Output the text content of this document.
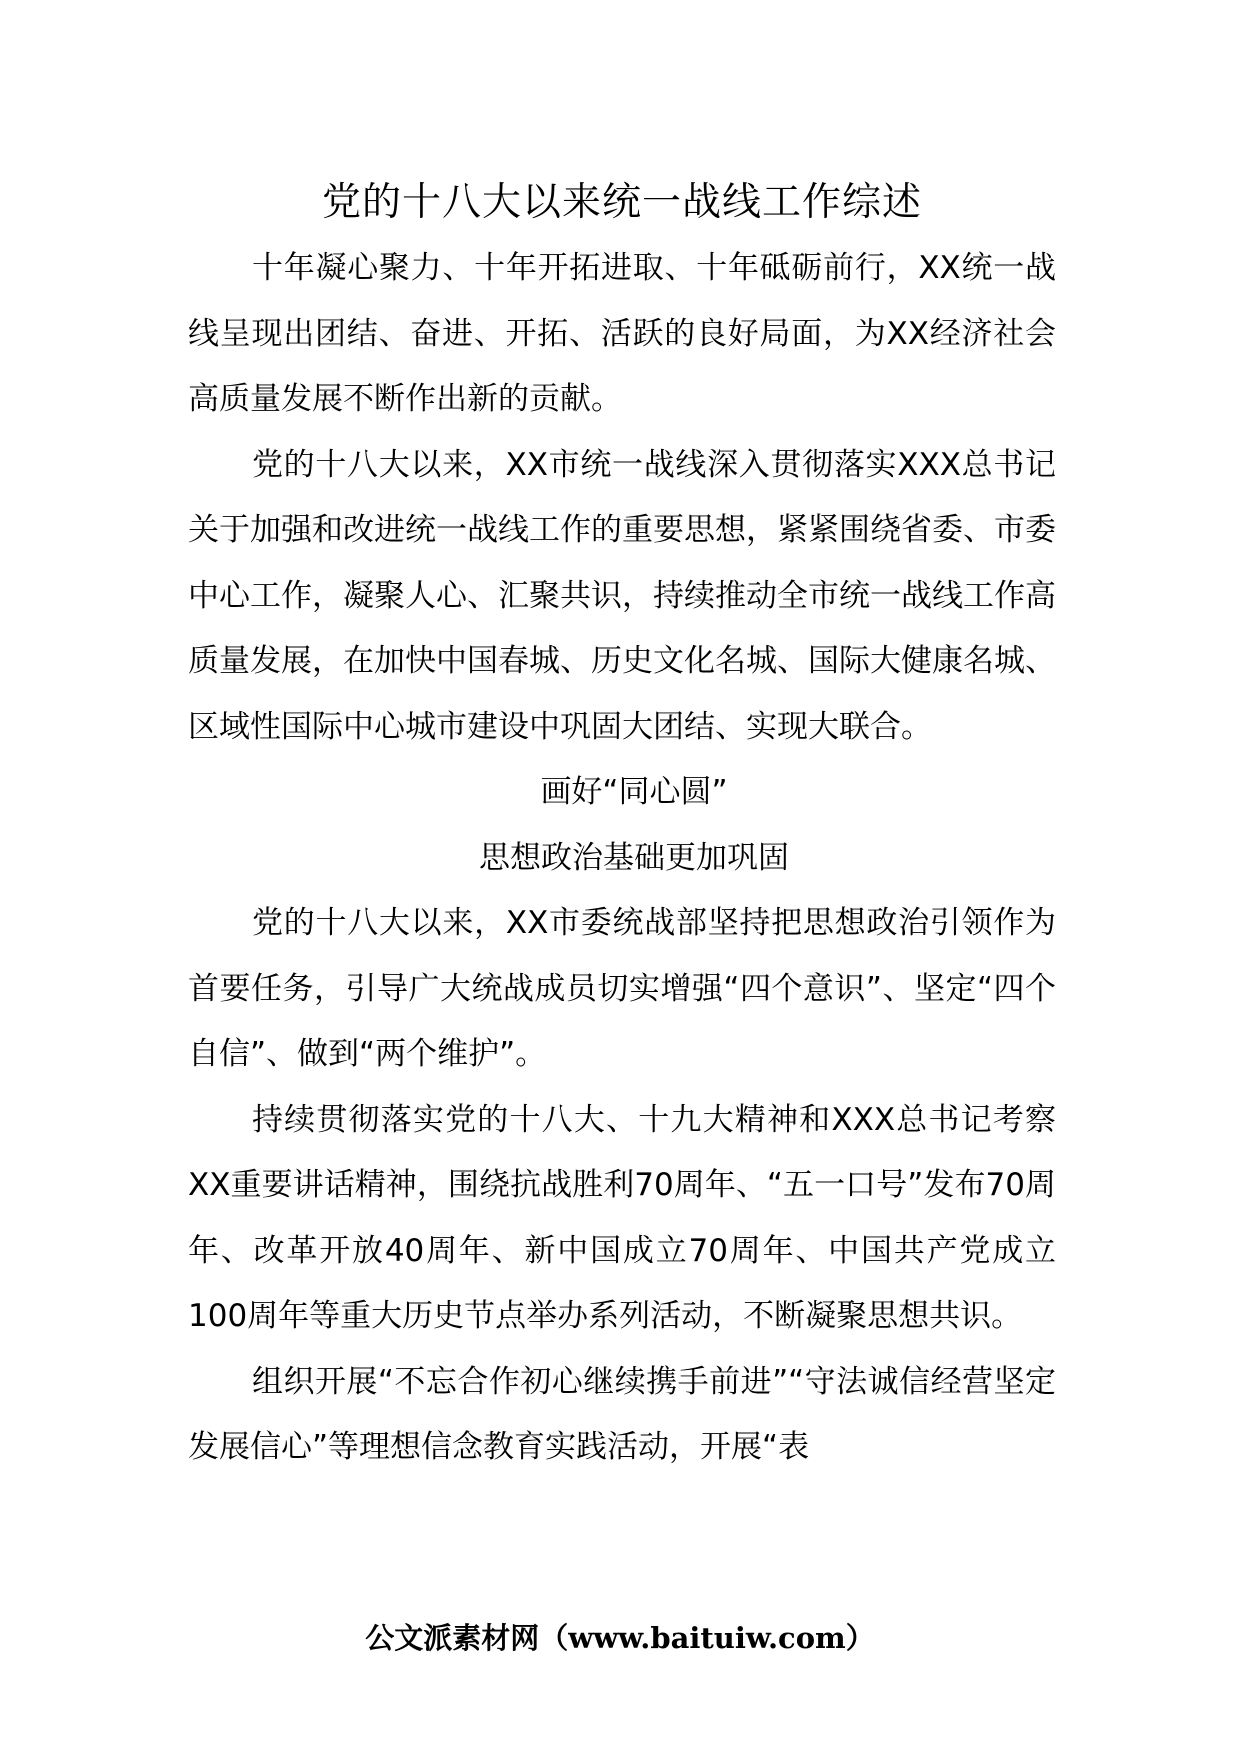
党的十八大以来统一战线工作综述

十年凝心聚力、十年开拓进取、十年砥砺前行，XX统一战线呈现出团结、奋进、开拓、活跃的良好局面，为XX经济社会高质量发展不断作出新的贡献。

党的十八大以来，XX市统一战线深入贯彻落实XXX总书记关于加强和改进统一战线工作的重要思想，紧紧围绕省委、市委中心工作，凝聚人心、汇聚共识，持续推动全市统一战线工作高质量发展，在加快中国春城、历史文化名城、国际大健康名城、区域性国际中心城市建设中巩固大团结、实现大联合。

画好“同心圆”

思想政治基础更加巩固

党的十八大以来，XX市委统战部坚持把思想政治引领作为首要任务，引导广大统战成员切实增强“四个意识”、坚定“四个自信”、做到“两个维护”。

持续贯彻落实党的十八大、十九大精神和XXX总书记考察XX重要讲话精神，围绕抗战胜利70周年、“五一口号”发布70周年、改革开放40周年、新中国成立70周年、中国共产党成立100周年等重大历史节点举办系列活动，不断凝聚思想共识。

组织开展“不忘合作初心继续携手前进”“守法诚信经营坚定发展信心”等理想信念教育实践活动，开展“表

公文派素材网（www.baituiw.com）
